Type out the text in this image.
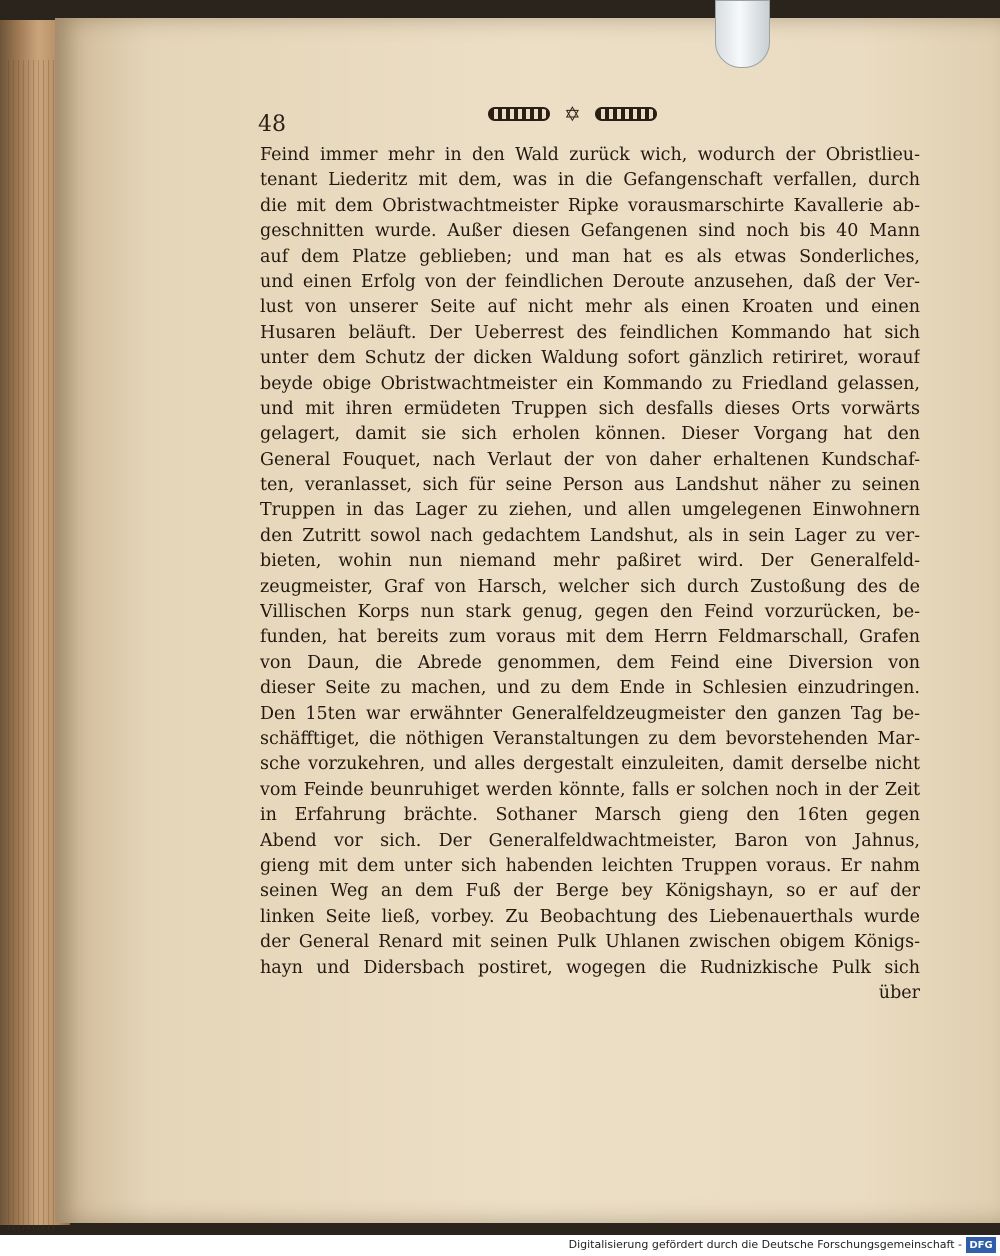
48	✡
Feind immer mehr in den Wald zurück wich, wodurch der Obristlieu-
tenant Liederitz mit dem, was in die Gefangenschaft verfallen, durch
die mit dem Obristwachtmeister Ripke vorausmarschirte Kavallerie ab-
geschnitten wurde. Außer diesen Gefangenen sind noch bis 40 Mann
auf dem Platze geblieben; und man hat es als etwas Sonderliches,
und einen Erfolg von der feindlichen Deroute anzusehen, daß der Ver-
lust von unserer Seite auf nicht mehr als einen Kroaten und einen
Husaren beläuft. Der Ueberrest des feindlichen Kommando hat sich
unter dem Schutz der dicken Waldung sofort gänzlich retiriret, worauf
beyde obige Obristwachtmeister ein Kommando zu Friedland gelassen,
und mit ihren ermüdeten Truppen sich desfalls dieses Orts vorwärts
gelagert, damit sie sich erholen können. Dieser Vorgang hat den
General Fouquet, nach Verlaut der von daher erhaltenen Kundschaf-
ten, veranlasset, sich für seine Person aus Landshut näher zu seinen
Truppen in das Lager zu ziehen, und allen umgelegenen Einwohnern
den Zutritt sowol nach gedachtem Landshut, als in sein Lager zu ver-
bieten, wohin nun niemand mehr paßiret wird. Der Generalfeld-
zeugmeister, Graf von Harsch, welcher sich durch Zustoßung des de
Villischen Korps nun stark genug, gegen den Feind vorzurücken, be-
funden, hat bereits zum voraus mit dem Herrn Feldmarschall, Grafen
von Daun, die Abrede genommen, dem Feind eine Diversion von
dieser Seite zu machen, und zu dem Ende in Schlesien einzudringen.
Den 15ten war erwähnter Generalfeldzeugmeister den ganzen Tag be-
schäfftiget, die nöthigen Veranstaltungen zu dem bevorstehenden Mar-
sche vorzukehren, und alles dergestalt einzuleiten, damit derselbe nicht
vom Feinde beunruhiget werden könnte, falls er solchen noch in der Zeit
in Erfahrung brächte. Sothaner Marsch gieng den 16ten gegen
Abend vor sich. Der Generalfeldwachtmeister, Baron von Jahnus,
gieng mit dem unter sich habenden leichten Truppen voraus. Er nahm
seinen Weg an dem Fuß der Berge bey Königshayn, so er auf der
linken Seite ließ, vorbey. Zu Beobachtung des Liebenauerthals wurde
der General Renard mit seinen Pulk Uhlanen zwischen obigem Königs-
hayn und Didersbach postiret, wogegen die Rudnizkische Pulk sich
über
Digitalisierung gefördert durch die Deutsche Forschungsgemeinschaft - DFG
